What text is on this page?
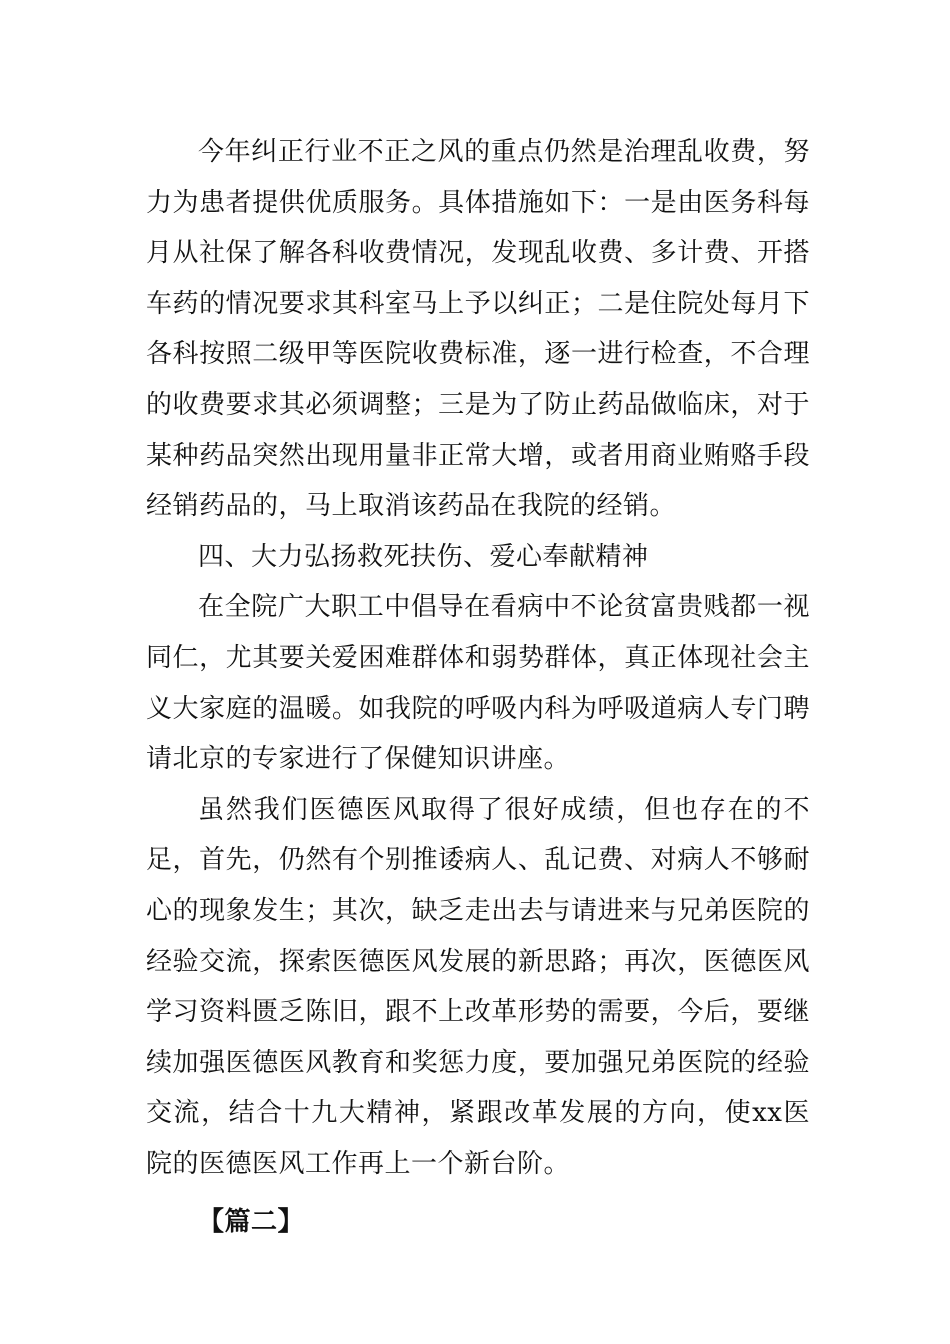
今年纠正行业不正之风的重点仍然是治理乱收费，努力为患者提供优质服务。具体措施如下：一是由医务科每月从社保了解各科收费情况，发现乱收费、多计费、开搭车药的情况要求其科室马上予以纠正；二是住院处每月下各科按照二级甲等医院收费标准，逐一进行检查，不合理的收费要求其必须调整；三是为了防止药品做临床，对于某种药品突然出现用量非正常大增，或者用商业贿赂手段经销药品的，马上取消该药品在我院的经销。

四、大力弘扬救死扶伤、爱心奉献精神

在全院广大职工中倡导在看病中不论贫富贵贱都一视同仁，尤其要关爱困难群体和弱势群体，真正体现社会主义大家庭的温暖。如我院的呼吸内科为呼吸道病人专门聘请北京的专家进行了保健知识讲座。

虽然我们医德医风取得了很好成绩，但也存在的不足，首先，仍然有个别推诿病人、乱记费、对病人不够耐心的现象发生；其次，缺乏走出去与请进来与兄弟医院的经验交流，探索医德医风发展的新思路；再次，医德医风学习资料匮乏陈旧，跟不上改革形势的需要，今后，要继续加强医德医风教育和奖惩力度，要加强兄弟医院的经验交流，结合十九大精神，紧跟改革发展的方向，使xx医院的医德医风工作再上一个新台阶。

【篇二】
